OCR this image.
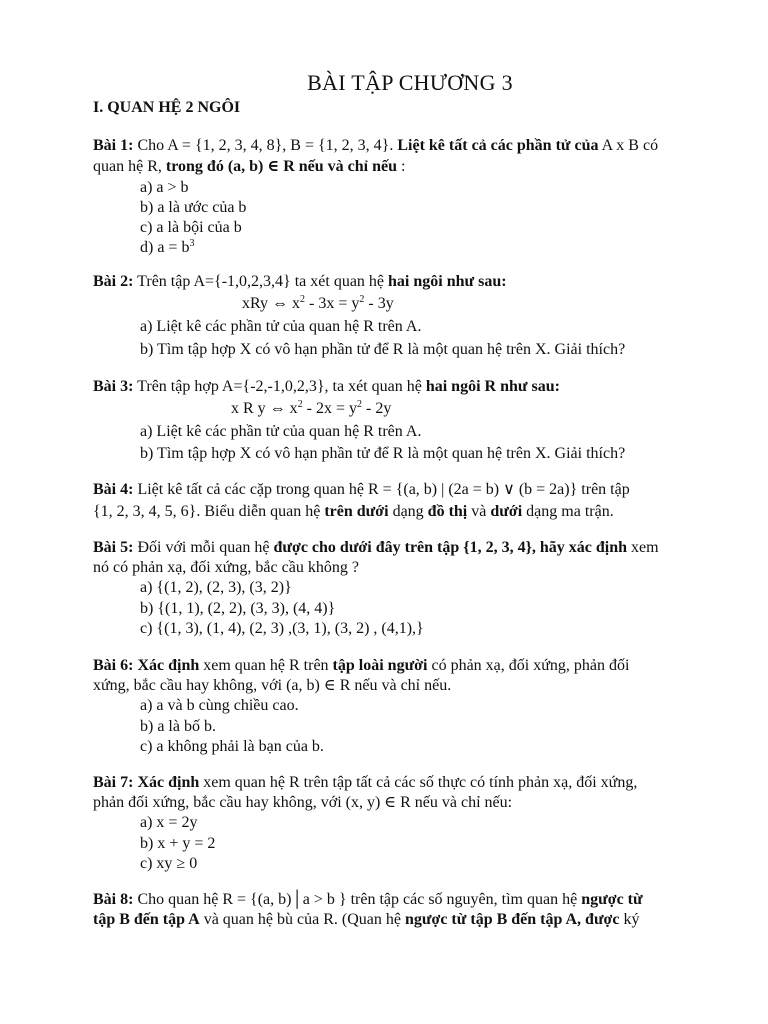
BÀI TẬP CHƯƠNG 3
I. QUAN HỆ 2 NGÔI
Bài 1: Cho A = {1, 2, 3, 4, 8}, B = {1, 2, 3, 4}. Liệt kê tất cả các phần tử của A x B có
quan hệ R, trong đó (a, b) ∈ R nếu và chỉ nếu :
a) a > b
b) a là ước của b
c) a là bội của b
d) $a = b^3$
Bài 2: Trên tập A={-1,0,2,3,4} ta xét quan hệ hai ngôi như sau:
xRy ⇔ $x^2 - 3x = y^2 - 3y$
a) Liệt kê các phần tử của quan hệ R trên A.
b) Tìm tập hợp X có vô hạn phần tử để R là một quan hệ trên X. Giải thích?
Bài 3: Trên tập hợp A={-2,-1,0,2,3}, ta xét quan hệ hai ngôi R như sau:
x R y ⇔ $x^2 - 2x = y^2 - 2y$
a) Liệt kê các phần tử của quan hệ R trên A.
b) Tìm tập hợp X có vô hạn phần tử để R là một quan hệ trên X. Giải thích?
Bài 4: Liệt kê tất cả các cặp trong quan hệ R = {(a, b) | (2a = b) ∨ (b = 2a)} trên tập
{1, 2, 3, 4, 5, 6}. Biểu diễn quan hệ trên dưới dạng đồ thị và dưới dạng ma trận.
Bài 5: Đối với mỗi quan hệ được cho dưới đây trên tập {1, 2, 3, 4}, hãy xác định xem
nó có phản xạ, đối xứng, bắc cầu không ?
a) {(1, 2), (2, 3), (3, 2)}
b) {(1, 1), (2, 2), (3, 3), (4, 4)}
c) {(1, 3), (1, 4), (2, 3) ,(3, 1), (3, 2) , (4,1),}
Bài 6: Xác định xem quan hệ R trên tập loài người có phản xạ, đối xứng, phản đối
xứng, bắc cầu hay không, với (a, b) ∈ R nếu và chỉ nếu.
a) a và b cùng chiều cao.
b) a là bố b.
c) a không phải là bạn của b.
Bài 7: Xác định xem quan hệ R trên tập tất cả các số thực có tính phản xạ, đối xứng,
phản đối xứng, bắc cầu hay không, với (x, y) ∈ R nếu và chỉ nếu:
a) x = 2y
b) x + y = 2
c) xy ≥ 0
Bài 8: Cho quan hệ R = {(a, b)│a > b } trên tập các số nguyên, tìm quan hệ ngược từ
tập B đến tập A và quan hệ bù của R. (Quan hệ ngược từ tập B đến tập A, được ký
